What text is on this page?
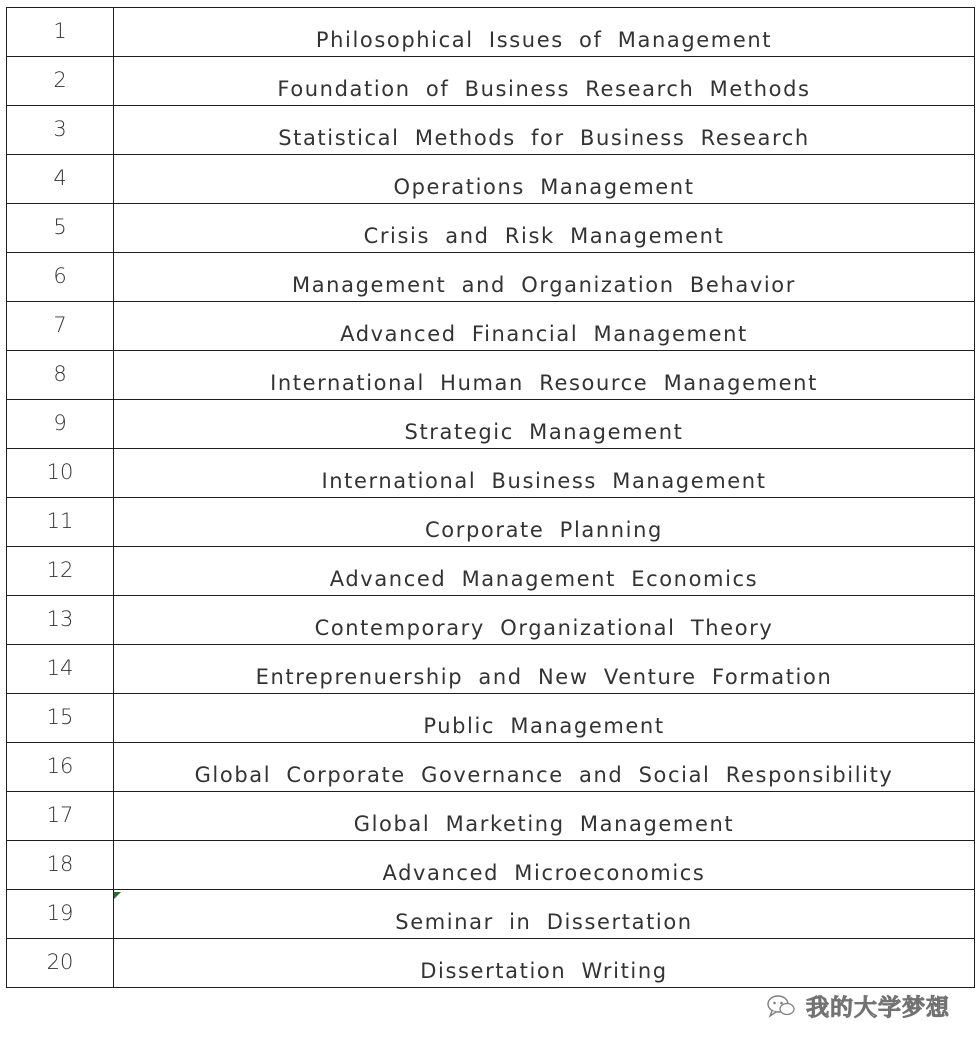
1	Philosophical Issues of Management
2	Foundation of Business Research Methods
3	Statistical Methods for Business Research
4	Operations Management
5	Crisis and Risk Management
6	Management and Organization Behavior
7	Advanced Financial Management
8	International Human Resource Management
9	Strategic Management
10	International Business Management
11	Corporate Planning
12	Advanced Management Economics
13	Contemporary Organizational Theory
14	Entreprenuership and New Venture Formation
15	Public Management
16	Global Corporate Governance and Social Responsibility
17	Global Marketing Management
18	Advanced Microeconomics
19	Seminar in Dissertation
20	Dissertation Writing
我的大学梦想
